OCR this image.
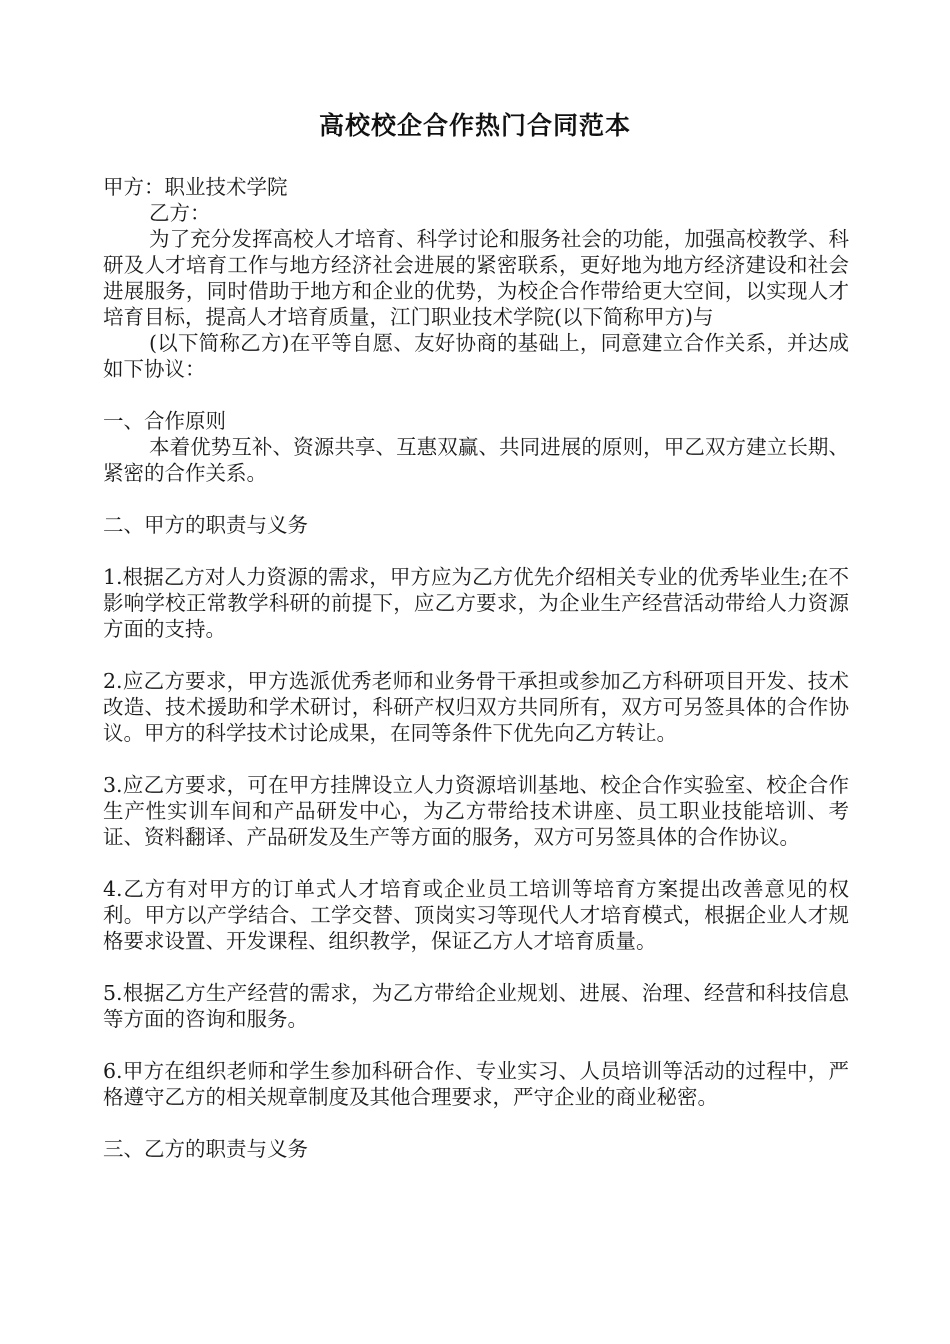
高校校企合作热门合同范本

甲方：职业技术学院

乙方：

为了充分发挥高校人才培育、科学讨论和服务社会的功能，加强高校教学、科研及人才培育工作与地方经济社会进展的紧密联系，更好地为地方经济建设和社会进展服务，同时借助于地方和企业的优势，为校企合作带给更大空间，以实现人才培育目标，提高人才培育质量，江门职业技术学院(以下简称甲方)与

(以下简称乙方)在平等自愿、友好协商的基础上，同意建立合作关系，并达成如下协议：

一、合作原则

本着优势互补、资源共享、互惠双赢、共同进展的原则，甲乙双方建立长期、紧密的合作关系。

二、甲方的职责与义务

1.根据乙方对人力资源的需求，甲方应为乙方优先介绍相关专业的优秀毕业生;在不影响学校正常教学科研的前提下，应乙方要求，为企业生产经营活动带给人力资源方面的支持。

2.应乙方要求，甲方选派优秀老师和业务骨干承担或参加乙方科研项目开发、技术改造、技术援助和学术研讨，科研产权归双方共同所有，双方可另签具体的合作协议。甲方的科学技术讨论成果，在同等条件下优先向乙方转让。

3.应乙方要求，可在甲方挂牌设立人力资源培训基地、校企合作实验室、校企合作生产性实训车间和产品研发中心，为乙方带给技术讲座、员工职业技能培训、考证、资料翻译、产品研发及生产等方面的服务，双方可另签具体的合作协议。

4.乙方有对甲方的订单式人才培育或企业员工培训等培育方案提出改善意见的权利。甲方以产学结合、工学交替、顶岗实习等现代人才培育模式，根据企业人才规格要求设置、开发课程、组织教学，保证乙方人才培育质量。

5.根据乙方生产经营的需求，为乙方带给企业规划、进展、治理、经营和科技信息等方面的咨询和服务。

6.甲方在组织老师和学生参加科研合作、专业实习、人员培训等活动的过程中，严格遵守乙方的相关规章制度及其他合理要求，严守企业的商业秘密。

三、乙方的职责与义务
